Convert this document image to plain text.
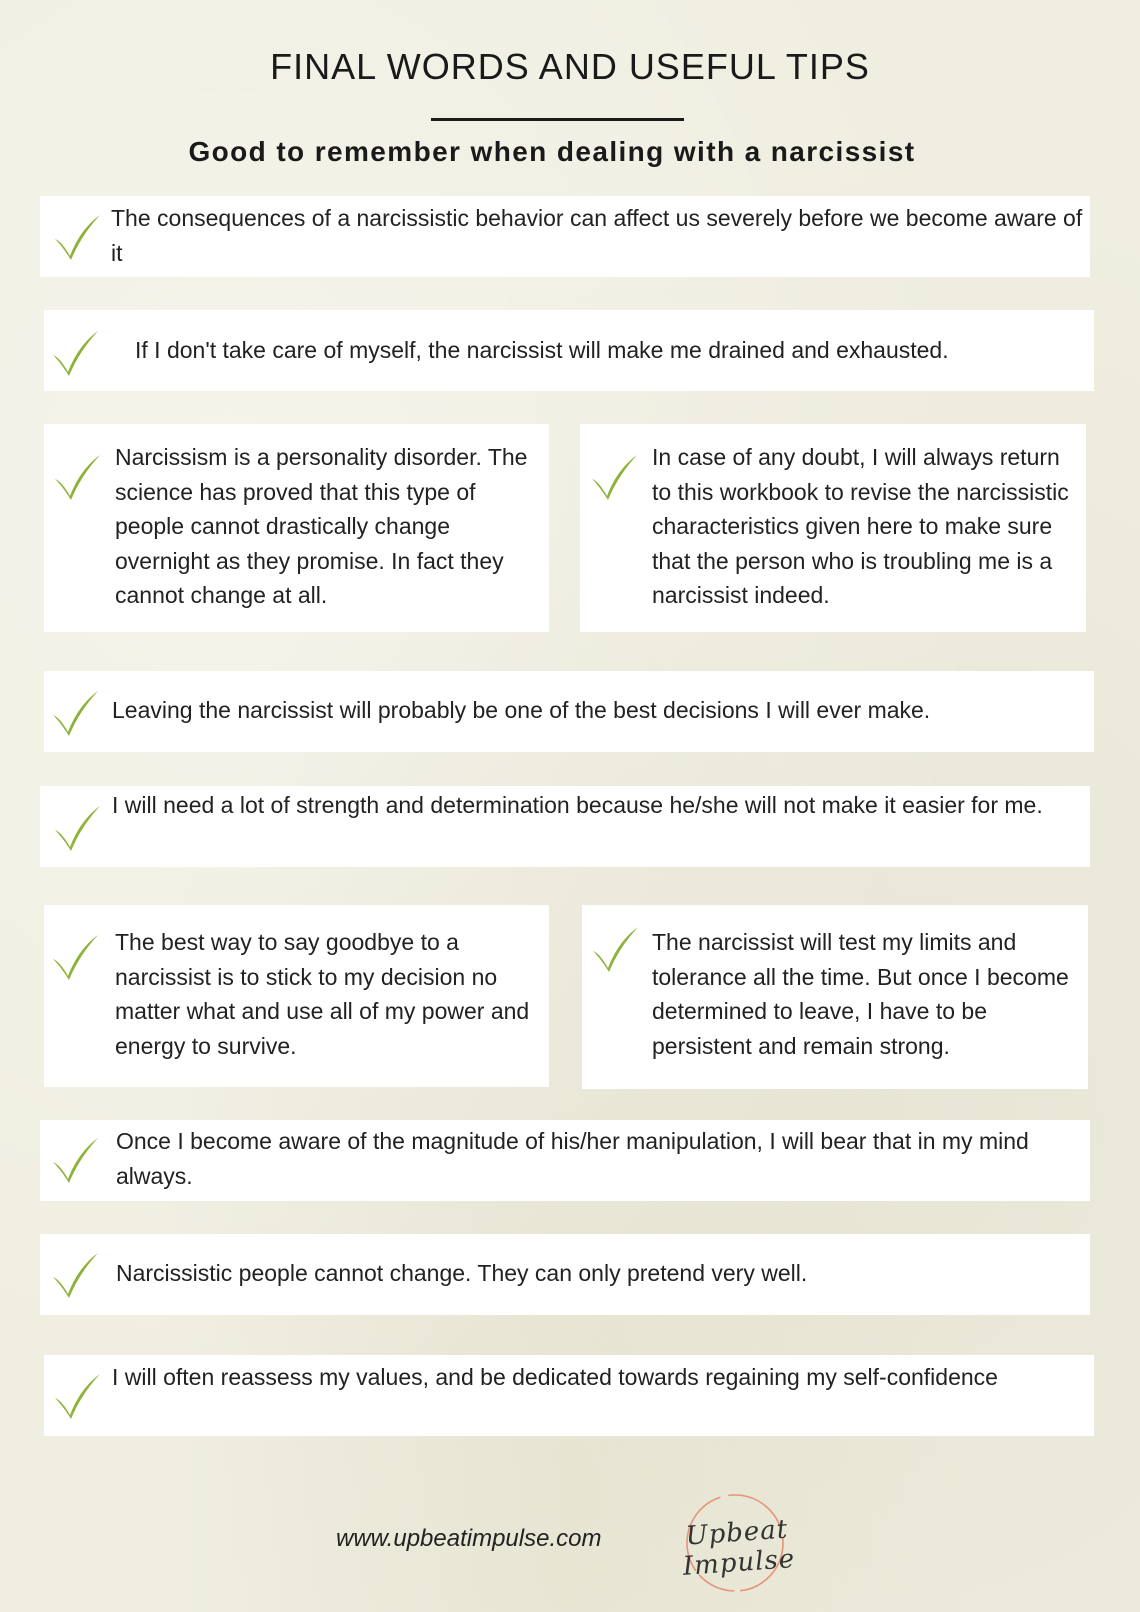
FINAL WORDS AND USEFUL TIPS
Good to remember when dealing with a narcissist
The consequences of a narcissistic behavior can affect us severely before we become aware of it
If I don't take care of myself, the narcissist will make me drained and exhausted.
Narcissism is a personality disorder. The science has proved that this type of people cannot drastically change overnight as they promise. In fact they cannot change at all.
In case of any doubt, I will always return to this workbook to revise the narcissistic characteristics given here to make sure that the person who is troubling me is a narcissist indeed.
Leaving the narcissist will probably be one of the best decisions I will ever make.
I will need a lot of strength and determination because he/she will not make it easier for me.
The best way to say goodbye to a narcissist is to stick to my decision no matter what and use all of my power and energy to survive.
The narcissist will test my limits and tolerance all the time. But once I become determined to leave, I have to be persistent and remain strong.
Once I become aware of the magnitude of his/her manipulation, I will bear that in my mind always.
Narcissistic people cannot change. They can only pretend very well.
I will often reassess my values, and be dedicated towards regaining my self-confidence
www.upbeatimpulse.com	Upbeat Impulse
